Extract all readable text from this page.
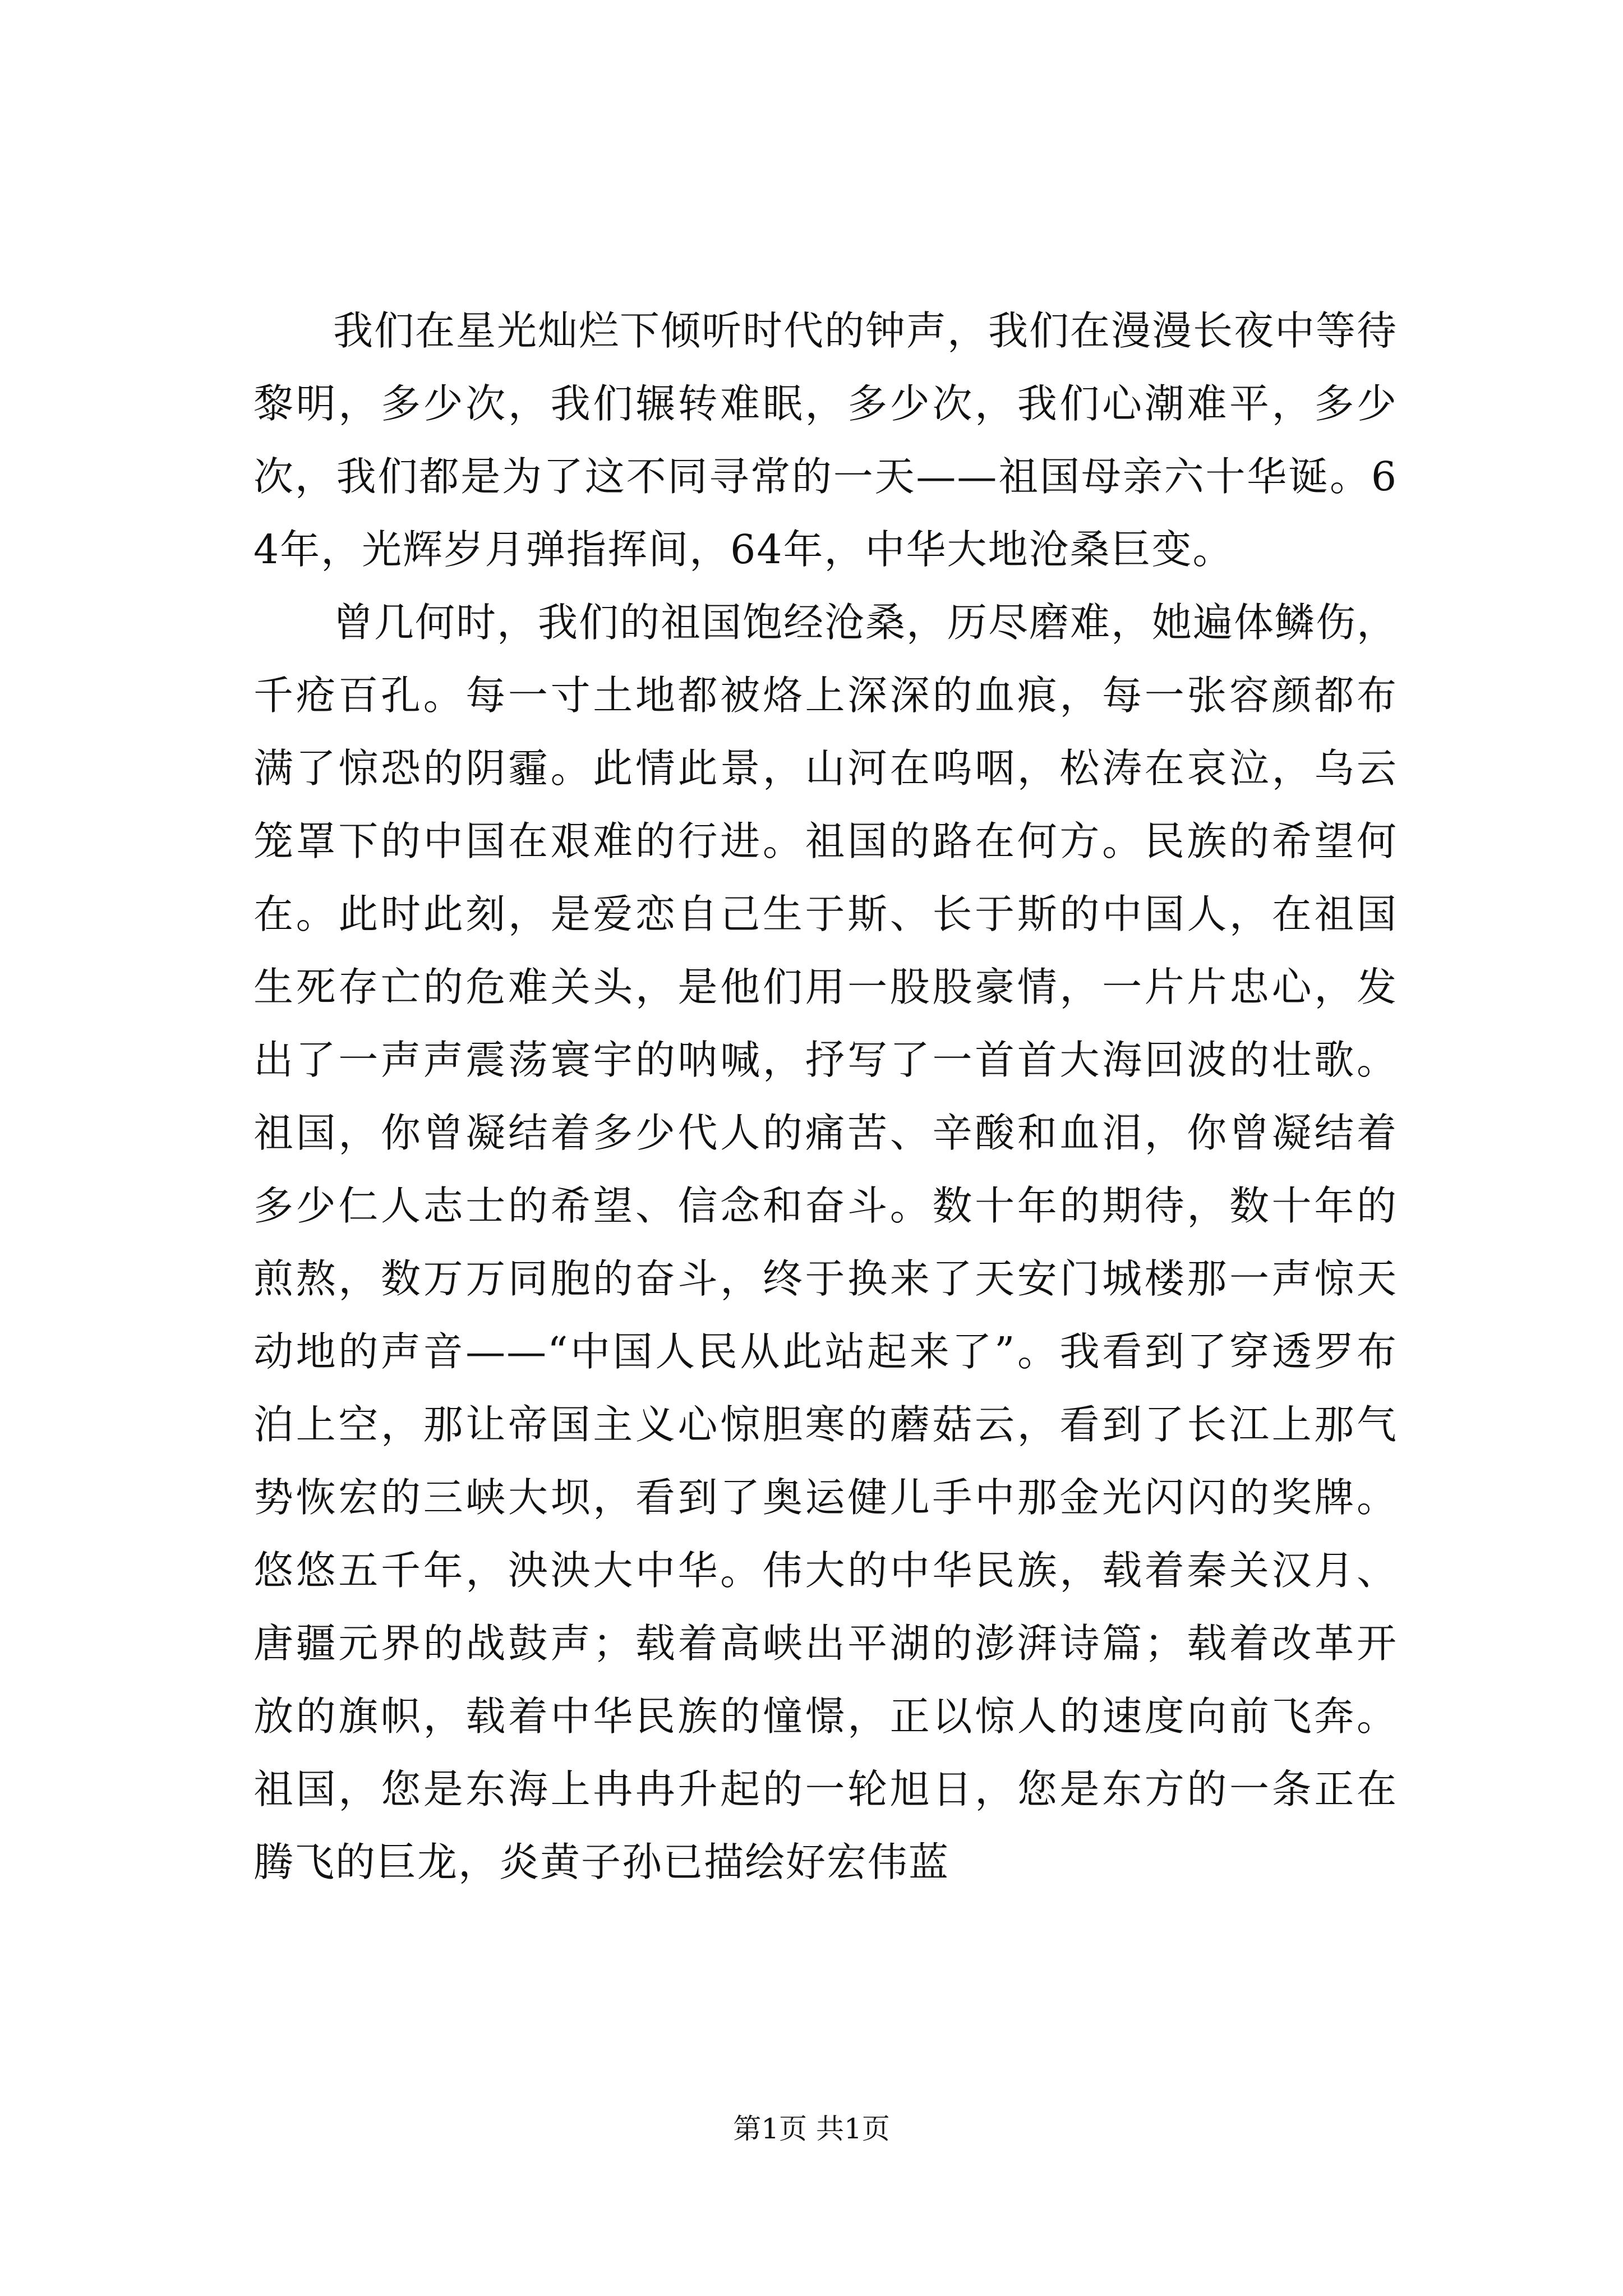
我们在星光灿烂下倾听时代的钟声，我们在漫漫长夜中等待黎明，多少次，我们辗转难眠，多少次，我们心潮难平，多少次，我们都是为了这不同寻常的一天——祖国母亲六十华诞。64年，光辉岁月弹指挥间，64年，中华大地沧桑巨变。

曾几何时，我们的祖国饱经沧桑，历尽磨难，她遍体鳞伤，千疮百孔。每一寸土地都被烙上深深的血痕，每一张容颜都布满了惊恐的阴霾。此情此景，山河在呜咽，松涛在哀泣，乌云笼罩下的中国在艰难的行进。祖国的路在何方。民族的希望何在。此时此刻，是爱恋自己生于斯、长于斯的中国人，在祖国生死存亡的危难关头，是他们用一股股豪情，一片片忠心，发出了一声声震荡寰宇的呐喊，抒写了一首首大海回波的壮歌。祖国，你曾凝结着多少代人的痛苦、辛酸和血泪，你曾凝结着多少仁人志士的希望、信念和奋斗。数十年的期待，数十年的煎熬，数万万同胞的奋斗，终于换来了天安门城楼那一声惊天动地的声音——“中国人民从此站起来了”。我看到了穿透罗布泊上空，那让帝国主义心惊胆寒的蘑菇云，看到了长江上那气势恢宏的三峡大坝，看到了奥运健儿手中那金光闪闪的奖牌。悠悠五千年，泱泱大中华。伟大的中华民族，载着秦关汉月、唐疆元界的战鼓声；载着高峡出平湖的澎湃诗篇；载着改革开放的旗帜，载着中华民族的憧憬，正以惊人的速度向前飞奔。祖国，您是东海上冉冉升起的一轮旭日，您是东方的一条正在腾飞的巨龙，炎黄子孙已描绘好宏伟蓝

第1页 共1页
